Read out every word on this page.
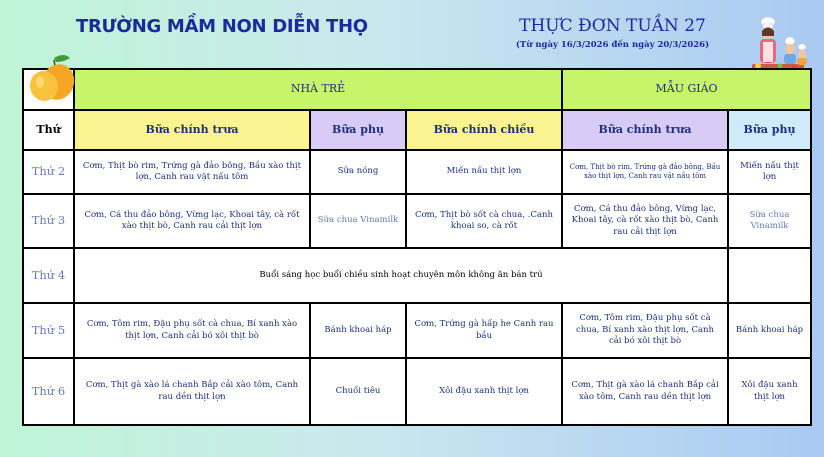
TRƯỜNG MẦM NON DIỄN THỌ	THỰC ĐƠN TUẦN 27
(Từ ngày 16/3/2026 đến ngày 20/3/2026)
	NHÀ TRẺ			MẪU GIÁO	
Thứ	Bữa chính trưa	Bữa phụ	Bữa chính chiều	Bữa chính trưa	Bữa phụ
Thứ 2	Cơm, Thịt bò rim, Trứng gà đảo bông, Bầu xào thịt lợn, Canh rau vặt nấu tôm	Sữa nóng	Miến nấu thịt lợn	Cơm, Thịt bò rim, Trứng gà đảo bông, Bầu xào thịt lợn, Canh rau vặt nấu tôm	Miến nấu thịt lợn
Thứ 3	Cơm, Cá thu đảo bông, Vừng lạc, Khoai tây, cà rốt xào thịt bò, Canh rau cải thịt lợn	Sữa chua Vinamilk	Cơm, Thịt bò sốt cà chua, .Canh khoai so, cà rốt	Cơm, Cá thu đảo bông, Vừng lạc, Khoai tây, cà rốt xào thịt bò, Canh rau cải thịt lợn	Sữa chua Vinamilk
Thứ 4	Buổi sáng học buổi chiều sinh hoạt chuyên môn không ăn bán trú				
Thứ 5	Cơm, Tôm rim, Đậu phụ sốt cà chua, Bí xanh xào thịt lợn, Canh cải bó xôi thịt bò	Bánh khoai háp	Cơm, Trứng gà hấp he Canh rau bầu	Cơm, Tôm rim, Đậu phụ sốt cà chua, Bí xanh xào thịt lợn, Canh cải bó xôi thịt bò	Bánh khoai háp
Thứ 6	Cơm, Thịt gà xào lá chanh Bắp cải xào tôm, Canh rau dền thịt lợn	Chuối tiêu	Xôi đậu xanh thịt lợn	Cơm, Thịt gà xào lá chanh Bắp cải xào tôm, Canh rau dền thịt lợn	Xôi đậu xanh thịt lợn
